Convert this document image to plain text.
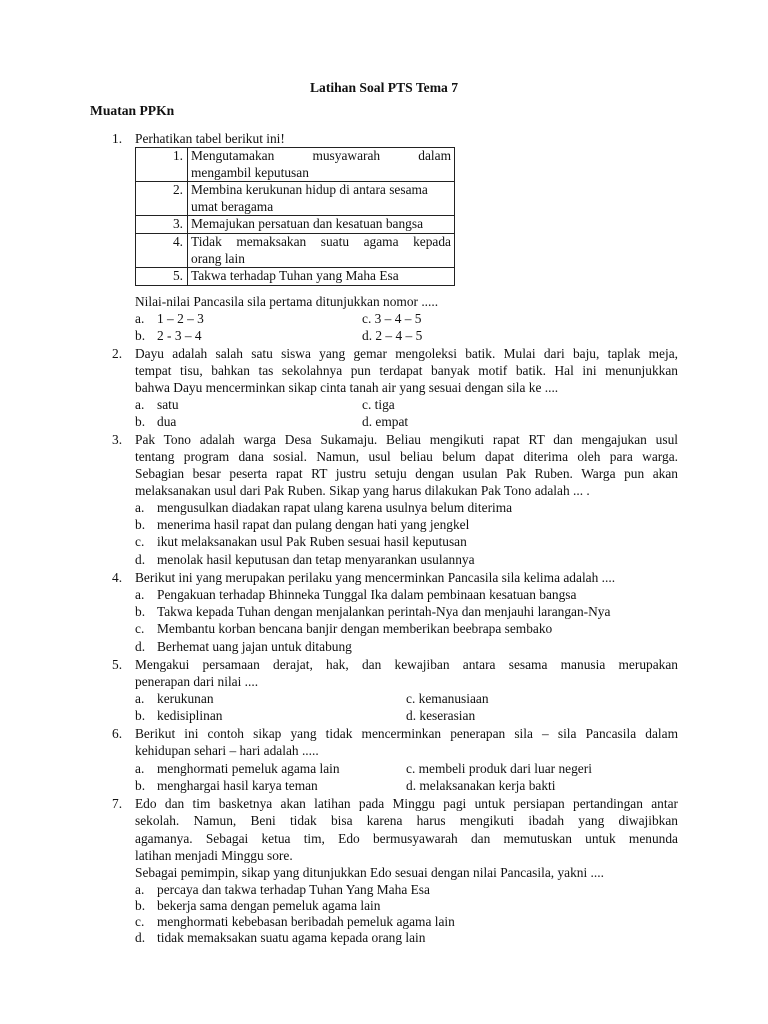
Latihan Soal PTS Tema 7
Muatan PPKn
1. Perhatikan tabel berikut ini!
1.	Mengutamakan musyawarah dalam
mengambil keputusan
2.	Membina kerukunan hidup di antara sesama
umat beragama
3.	Memajukan persatuan dan kesatuan bangsa
4.	Tidak memaksakan suatu agama kepada
orang lain
5.	Takwa terhadap Tuhan yang Maha Esa
Nilai-nilai Pancasila sila pertama ditunjukkan nomor .....
a. 1 – 2 – 3	c. 3 – 4 – 5
b. 2 - 3 – 4	d. 2 – 4 – 5
2. Dayu adalah salah satu siswa yang gemar mengoleksi batik. Mulai dari baju, taplak meja,
tempat tisu, bahkan tas sekolahnya pun terdapat banyak motif batik. Hal ini menunjukkan
bahwa Dayu mencerminkan sikap cinta tanah air yang sesuai dengan sila ke ....
a. satu	c. tiga
b. dua	d. empat
3. Pak Tono adalah warga Desa Sukamaju. Beliau mengikuti rapat RT dan mengajukan usul
tentang program dana sosial. Namun, usul beliau belum dapat diterima oleh para warga.
Sebagian besar peserta rapat RT justru setuju dengan usulan Pak Ruben. Warga pun akan
melaksanakan usul dari Pak Ruben. Sikap yang harus dilakukan Pak Tono adalah ... .
a. mengusulkan diadakan rapat ulang karena usulnya belum diterima
b. menerima hasil rapat dan pulang dengan hati yang jengkel
c. ikut melaksanakan usul Pak Ruben sesuai hasil keputusan
d. menolak hasil keputusan dan tetap menyarankan usulannya
4. Berikut ini yang merupakan perilaku yang mencerminkan Pancasila sila kelima adalah ....
a. Pengakuan terhadap Bhinneka Tunggal Ika dalam pembinaan kesatuan bangsa
b. Takwa kepada Tuhan dengan menjalankan perintah-Nya dan menjauhi larangan-Nya
c. Membantu korban bencana banjir dengan memberikan beebrapa sembako
d. Berhemat uang jajan untuk ditabung
5. Mengakui persamaan derajat, hak, dan kewajiban antara sesama manusia merupakan
penerapan dari nilai ....
a. kerukunan	c. kemanusiaan
b. kedisiplinan	d. keserasian
6. Berikut ini contoh sikap yang tidak mencerminkan penerapan sila – sila Pancasila dalam
kehidupan sehari – hari adalah .....
a. menghormati pemeluk agama lain	c. membeli produk dari luar negeri
b. menghargai hasil karya teman	d. melaksanakan kerja bakti
7. Edo dan tim basketnya akan latihan pada Minggu pagi untuk persiapan pertandingan antar
sekolah. Namun, Beni tidak bisa karena harus mengikuti ibadah yang diwajibkan
agamanya. Sebagai ketua tim, Edo bermusyawarah dan memutuskan untuk menunda
latihan menjadi Minggu sore.
Sebagai pemimpin, sikap yang ditunjukkan Edo sesuai dengan nilai Pancasila, yakni ....
a. percaya dan takwa terhadap Tuhan Yang Maha Esa
b. bekerja sama dengan pemeluk agama lain
c. menghormati kebebasan beribadah pemeluk agama lain
d. tidak memaksakan suatu agama kepada orang lain
